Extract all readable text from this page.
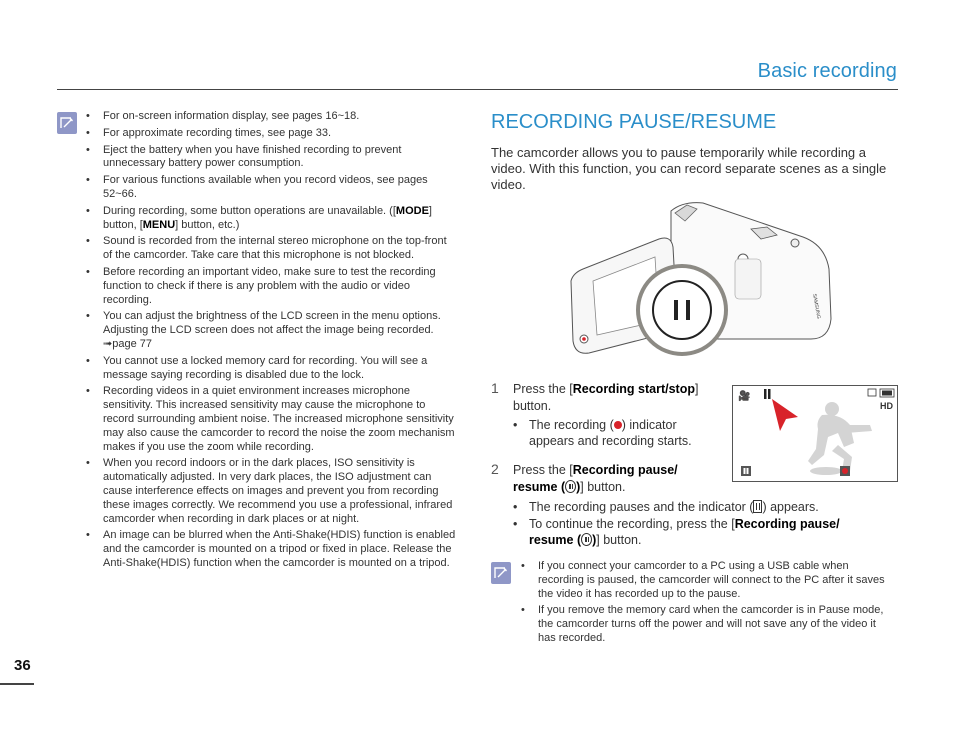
Basic recording
• For on-screen information display, see pages 16~18.
• For approximate recording times, see page 33.
• Eject the battery when you have finished recording to prevent unnecessary battery power consumption.
• For various functions available when you record videos, see pages 52~66.
• During recording, some button operations are unavailable. ([MODE] button, [MENU] button, etc.)
• Sound is recorded from the internal stereo microphone on the top-front of the camcorder. Take care that this microphone is not blocked.
• Before recording an important video, make sure to test the recording function to check if there is any problem with the audio or video recording.
• You can adjust the brightness of the LCD screen in the menu options. Adjusting the LCD screen does not affect the image being recorded. ➟page 77
• You cannot use a locked memory card for recording. You will see a message saying recording is disabled due to the lock.
• Recording videos in a quiet environment increases microphone sensitivity. This increased sensitivity may cause the microphone to record surrounding ambient noise. The increased microphone sensitivity may also cause the camcorder to record the noise the zoom mechanism makes if you use the zoom while recording.
• When you record indoors or in the dark places, ISO sensitivity is automatically adjusted. In very dark places, the ISO adjustment can cause interference effects on images and prevent you from recording these images correctly. We recommend you use a professional, infrared camcorder when recording in dark places or at night.
• An image can be blurred when the Anti-Shake(HDIS) function is enabled and the camcorder is mounted on a tripod or fixed in place. Release the Anti-Shake(HDIS) function when the camcorder is mounted on a tripod.
RECORDING PAUSE/RESUME
The camcorder allows you to pause temporarily while recording a video. With this function, you can record separate scenes as a single video.
SAMSUNG
1 Press the [Recording start/stop] button.
• The recording ( ) indicator appears and recording starts.
🎥
HD
2 Press the [Recording pause/ resume ( )] button.
• The recording pauses and the indicator ( ) appears.
• To continue the recording, press the [Recording pause/ resume ( )] button.
• If you connect your camcorder to a PC using a USB cable when recording is paused, the camcorder will connect to the PC after it saves the video it has recorded up to the pause.
• If you remove the memory card when the camcorder is in Pause mode, the camcorder turns off the power and will not save any of the video it has recorded.
36
